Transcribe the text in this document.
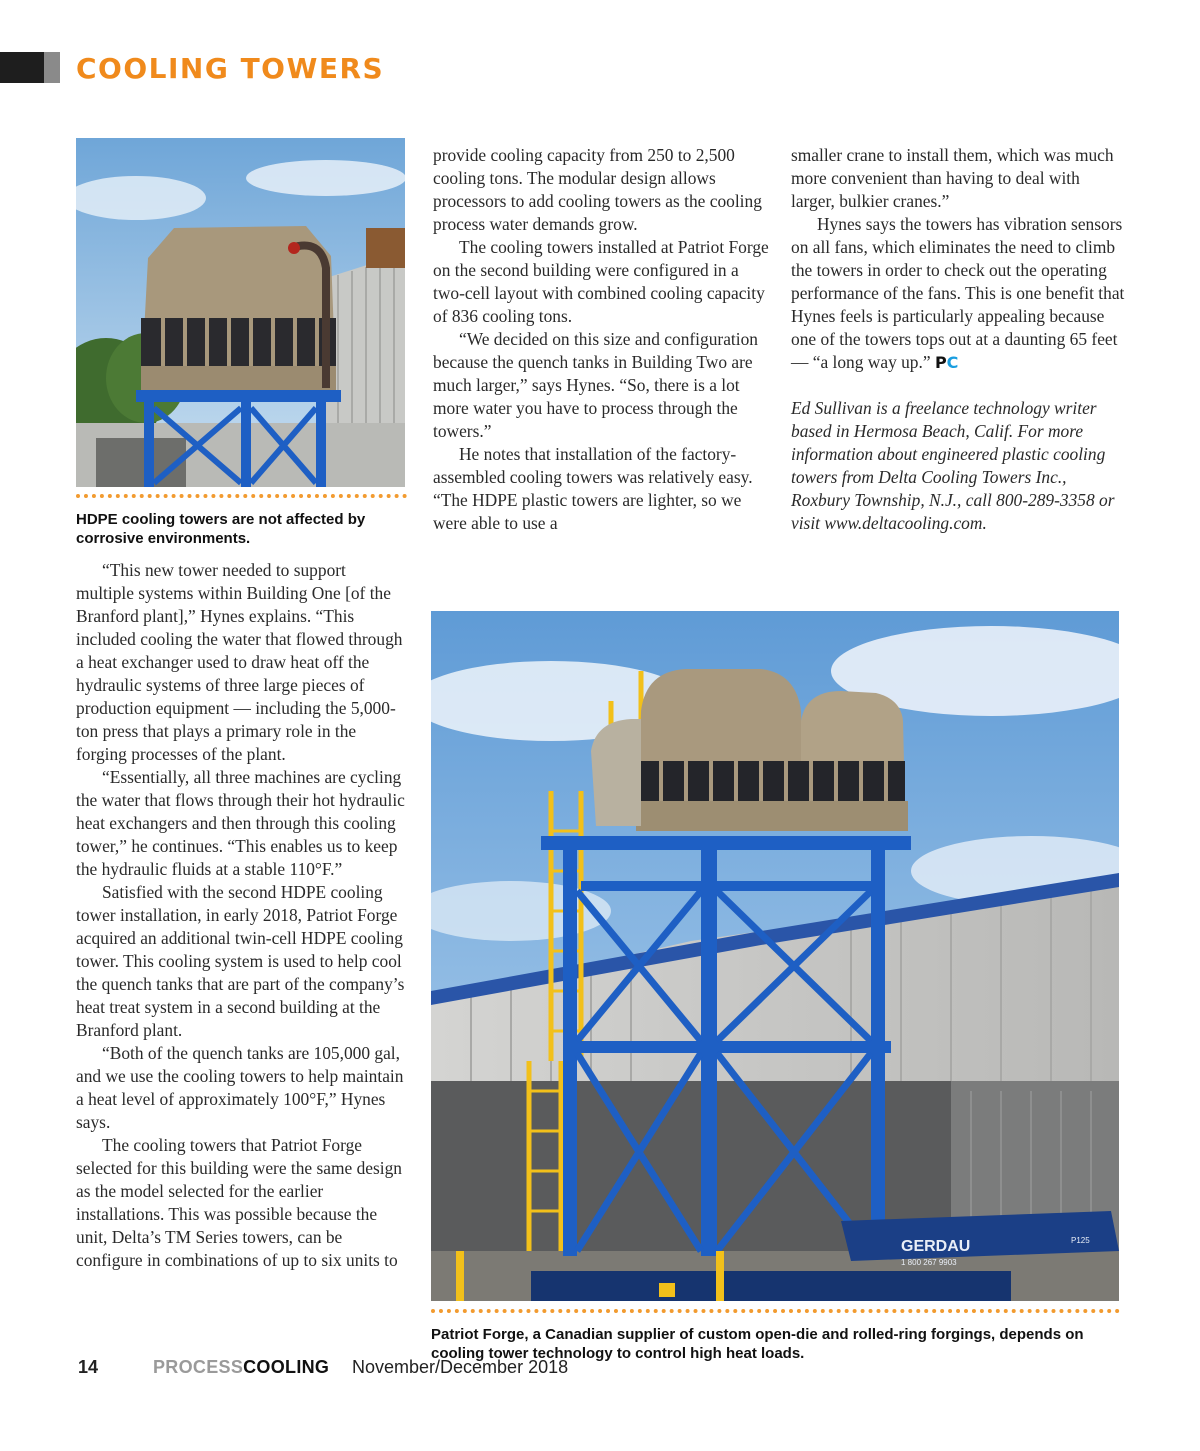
COOLING TOWERS
HDPE cooling towers are not affected by corrosive environments.

“This new tower needed to support multiple systems within Building One [of the Branford plant],” Hynes explains. “This included cooling the water that flowed through a heat exchanger used to draw heat off the hydraulic systems of three large pieces of production equipment — including the 5,000-ton press that plays a primary role in the forging processes of the plant.

“Essentially, all three machines are cycling the water that flows through their hot hydraulic heat exchangers and then through this cooling tower,” he continues. “This enables us to keep the hydraulic fluids at a stable 110°F.”

Satisfied with the second HDPE cooling tower installation, in early 2018, Patriot Forge acquired an additional twin-cell HDPE cooling tower. This cooling system is used to help cool the quench tanks that are part of the company’s heat treat system in a second building at the Branford plant.

“Both of the quench tanks are 105,000 gal, and we use the cooling towers to help maintain a heat level of approximately 100°F,” Hynes says.

The cooling towers that Patriot Forge selected for this building were the same design as the model selected for the earlier installations. This was possible because the unit, Delta’s TM Series towers, can be configure in combinations of up to six units to

provide cooling capacity from 250 to 2,500 cooling tons. The modular design allows processors to add cooling towers as the cooling process water demands grow.

The cooling towers installed at Patriot Forge on the second building were configured in a two-cell layout with combined cooling capacity of 836 cooling tons.

“We decided on this size and configuration because the quench tanks in Building Two are much larger,” says Hynes. “So, there is a lot more water you have to process through the towers.”

He notes that installation of the factory-assembled cooling towers was relatively easy. “The HDPE plastic towers are lighter, so we were able to use a

smaller crane to install them, which was much more convenient than having to deal with larger, bulkier cranes.”

Hynes says the towers has vibration sensors on all fans, which eliminates the need to climb the towers in order to check out the operating performance of the fans. This is one benefit that Hynes feels is particularly appealing because one of the towers tops out at a daunting 65 feet — “a long way up.” PC

Ed Sullivan is a freelance technology writer based in Hermosa Beach, Calif. For more information about engineered plastic cooling towers from Delta Cooling Towers Inc., Roxbury Township, N.J., call 800-289-3358 or visit www.deltacooling.com.

GERDAU
1 800 267 9903
P125
Patriot Forge, a Canadian supplier of custom open-die and rolled-ring forgings, depends on cooling tower technology to control high heat loads.
14	PROCESSCOOLING November/December 2018
